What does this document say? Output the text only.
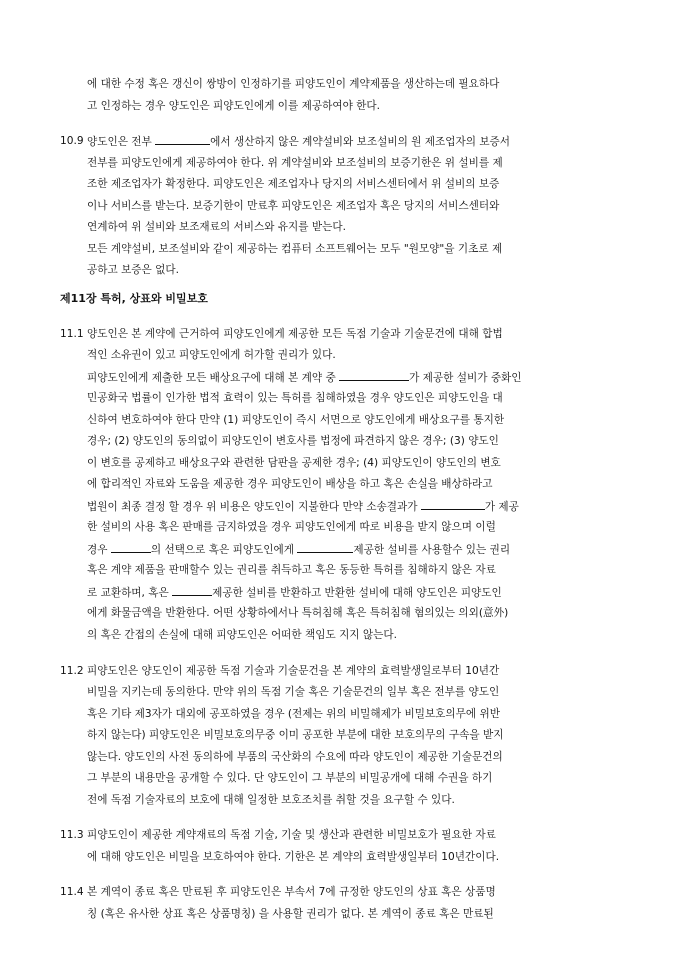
에 대한 수정 혹은 갱신이 쌍방이 인정하기를 피양도인이 계약제품을 생산하는데 필요하다
고 인정하는 경우 양도인은 피양도인에게 이를 제공하여야 한다.
10.9 양도인은 전부	에서 생산하지 않은 계약설비와 보조설비의 원 제조업자의 보증서
전부를 피양도인에게 제공하여야 한다. 위 계약설비와 보조설비의 보증기한은 위 설비를 제
조한 제조업자가 확정한다. 피양도인은 제조업자나 당지의 서비스센터에서 위 설비의 보증
이나 서비스를 받는다. 보증기한이 만료후 피양도인은 제조업자 혹은 당지의 서비스센터와
연계하여 위 설비와 보조재료의 서비스와 유지를 받는다.
모든 계약설비, 보조설비와 같이 제공하는 컴퓨터 소프트웨어는 모두 "원모양"을 기초로 제
공하고 보증은 없다.
제11장 특허, 상표와 비밀보호
11.1 양도인은 본 계약에 근거하여 피양도인에게 제공한 모든 독점 기술과 기술문건에 대해 합법
적인 소유권이 있고 피양도인에게 허가할 권리가 있다.
피양도인에게 제출한 모든 배상요구에 대해 본 계약 중	가 제공한 설비가 중화인
민공화국 법률이 인가한 법적 효력이 있는 특허를 침해하였을 경우 양도인은 피양도인을 대
신하여 변호하여야 한다 만약 (1) 피양도인이 즉시 서면으로 양도인에게 배상요구를 통지한
경우; (2) 양도인의 동의없이 피양도인이 변호사를 법정에 파견하지 않은 경우; (3) 양도인
이 변호를 공제하고 배상요구와 관련한 담판을 공제한 경우; (4) 피양도인이 양도인의 변호
에 합리적인 자료와 도움을 제공한 경우 피양도인이 배상을 하고 혹은 손실을 배상하라고
법원이 최종 결정 할 경우 위 비용은 양도인이 지불한다 만약 소송결과가	가 제공
한 설비의 사용 혹은 판매를 금지하였을 경우 피양도인에게 따로 비용을 받지 않으며 이럴
경우	의 선택으로 혹은 피양도인에게	제공한 설비를 사용할수 있는 권리
혹은 계약 제품을 판매할수 있는 권리를 취득하고 혹은 동등한 특허를 침해하지 않은 자료
로 교환하며, 혹은	제공한 설비를 반환하고 반환한 설비에 대해 양도인은 피양도인
에게 화물금액을 반환한다. 어떤 상황하에서나 특허침해 혹은 특허침해 혐의있는 의외(意外)
의 혹은 간접의 손실에 대해 피양도인은 어떠한 책임도 지지 않는다.
11.2 피양도인은 양도인이 제공한 독점 기술과 기술문건을 본 계약의 효력발생일로부터 10년간
비밀을 지키는데 동의한다. 만약 위의 독점 기술 혹은 기술문건의 일부 혹은 전부를 양도인
혹은 기타 제3자가 대외에 공포하였을 경우 (전제는 위의 비밀해제가 비밀보호의무에 위반
하지 않는다) 피양도인은 비밀보호의무중 이미 공포한 부분에 대한 보호의무의 구속을 받지
않는다. 양도인의 사전 동의하에 부품의 국산화의 수요에 따라 양도인이 제공한 기술문건의
그 부분의 내용만을 공개할 수 있다. 단 양도인이 그 부분의 비밀공개에 대해 수권을 하기
전에 독점 기술자료의 보호에 대해 일정한 보호조치를 취할 것을 요구할 수 있다.
11.3 피양도인이 제공한 계약재료의 독점 기술, 기술 및 생산과 관련한 비밀보호가 필요한 자료
에 대해 양도인은 비밀을 보호하여야 한다. 기한은 본 계약의 효력발생일부터 10년간이다.
11.4 본 계역이 종료 혹은 만료된 후 피양도인은 부속서 7에 규정한 양도인의 상표 혹은 상품명
칭 (혹은 유사한 상표 혹은 상품명칭) 을 사용할 권리가 없다. 본 계역이 종료 혹은 만료된
